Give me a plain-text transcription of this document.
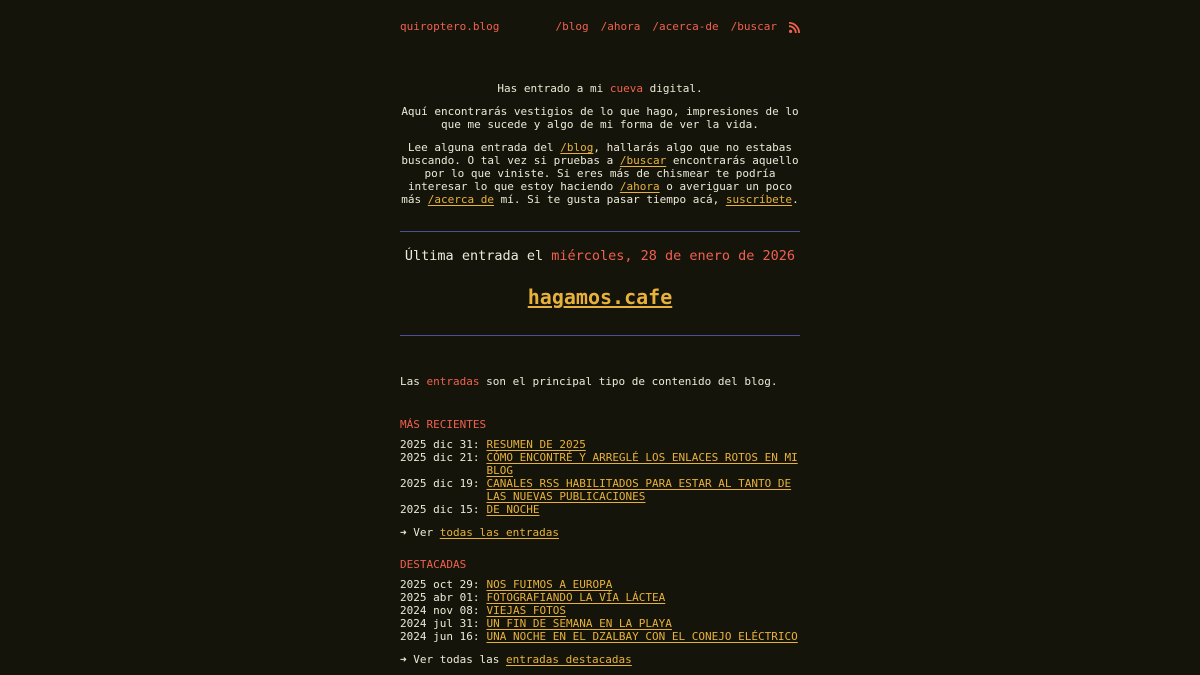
quiroptero.blog	/blog /ahora /acerca-de /buscar

Has entrado a mi cueva digital.

Aquí encontrarás vestigios de lo que hago, impresiones de lo que me sucede y algo de mi forma de ver la vida.

Lee alguna entrada del /blog, hallarás algo que no estabas buscando. O tal vez si pruebas a /buscar encontrarás aquello por lo que viniste. Si eres más de chismear te podría interesar lo que estoy haciendo /ahora o averiguar un poco más /acerca de mí. Si te gusta pasar tiempo acá, suscríbete.

Última entrada el miércoles, 28 de enero de 2026
hagamos.cafe
Las entradas son el principal tipo de contenido del blog.
MÁS RECIENTES
2025 dic 31: RESUMEN DE 2025
2025 dic 21: CÓMO ENCONTRÉ Y ARREGLÉ LOS ENLACES ROTOS EN MI BLOG
2025 dic 19: CANALES RSS HABILITADOS PARA ESTAR AL TANTO DE LAS NUEVAS PUBLICACIONES
2025 dic 15: DE NOCHE
➜ Ver todas las entradas
DESTACADAS
2025 oct 29: NOS FUIMOS A EUROPA
2025 abr 01: FOTOGRAFIANDO LA VÍA LÁCTEA
2024 nov 08: VIEJAS FOTOS
2024 jul 31: UN FIN DE SEMANA EN LA PLAYA
2024 jun 16: UNA NOCHE EN EL DZALBAY CON EL CONEJO ELÉCTRICO
➜ Ver todas las entradas destacadas
